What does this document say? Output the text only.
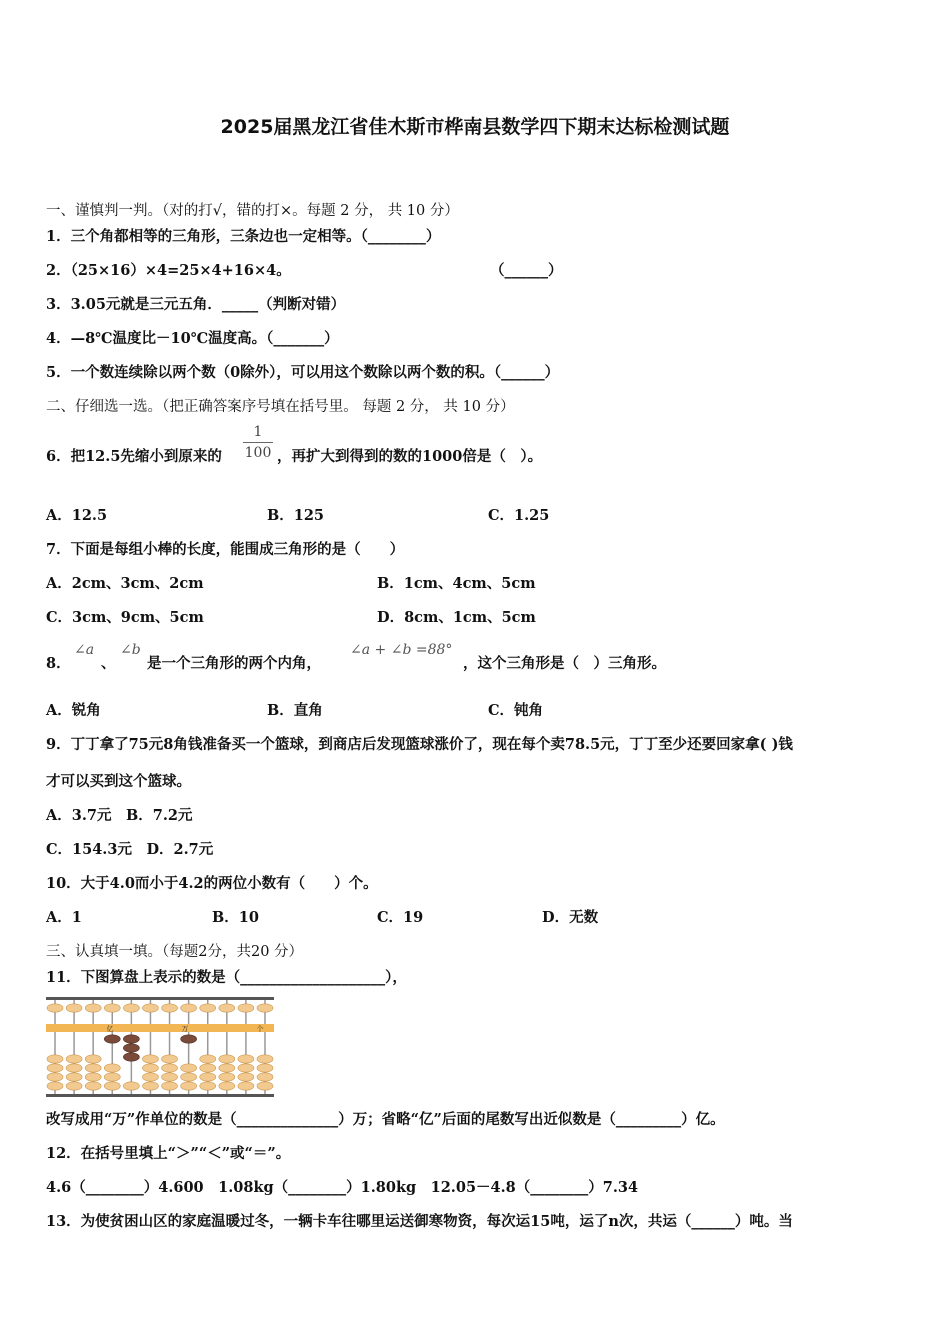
2025届黑龙江省佳木斯市桦南县数学四下期末达标检测试题
一、谨慎判一判。（对的打√，错的打×。每题 2 分， 共 10 分）
1．三个角都相等的三角形，三条边也一定相等。（________）
2．（25×16）×4=25×4+16×4。	（______）
3．3.05元就是三元五角．_____（判断对错）
4．—8℃温度比－10℃温度高。（_______）
5．一个数连续除以两个数（0除外），可以用这个数除以两个数的积。（______）
二、仔细选一选。（把正确答案序号填在括号里。 每题 2 分， 共 10 分）
6．把12.5先缩小到原来的
1
100 ，再扩大到得到的数的1000倍是（　）。
A．12.5	B．125	C．1.25
7．下面是每组小棒的长度，能围成三角形的是（　　）
A．2cm、3cm、2cm	B．1cm、4cm、5cm
C．3cm、9cm、5cm	D．8cm、1cm、5cm
8．
∠a
、
∠b
是一个三角形的两个内角，
∠a + ∠b =88°
，这个三角形是（　）三角形。
A．锐角	B．直角	C．钝角
9．丁丁拿了75元8角钱准备买一个篮球，到商店后发现篮球涨价了，现在每个卖78.5元，丁丁至少还要回家拿( )钱
才可以买到这个篮球。
A．3.7元　B．7.2元
C．154.3元　D．2.7元
10．大于4.0而小于4.2的两位小数有（　　）个。
A．1	B．10	C．19	D．无数
三、认真填一填。（每题2分，共20 分）
11．下图算盘上表示的数是（____________________），
亿	万	个
改写成用“万”作单位的数是（______________）万；省略“亿”后面的尾数写出近似数是（_________）亿。
12．在括号里填上“＞”“＜”或“＝”。
4.6（________）4.600　1.08kg（________）1.80kg　12.05－4.8（________）7.34
13．为使贫困山区的家庭温暖过冬，一辆卡车往哪里运送御寒物资，每次运15吨，运了n次，共运（______）吨。当
